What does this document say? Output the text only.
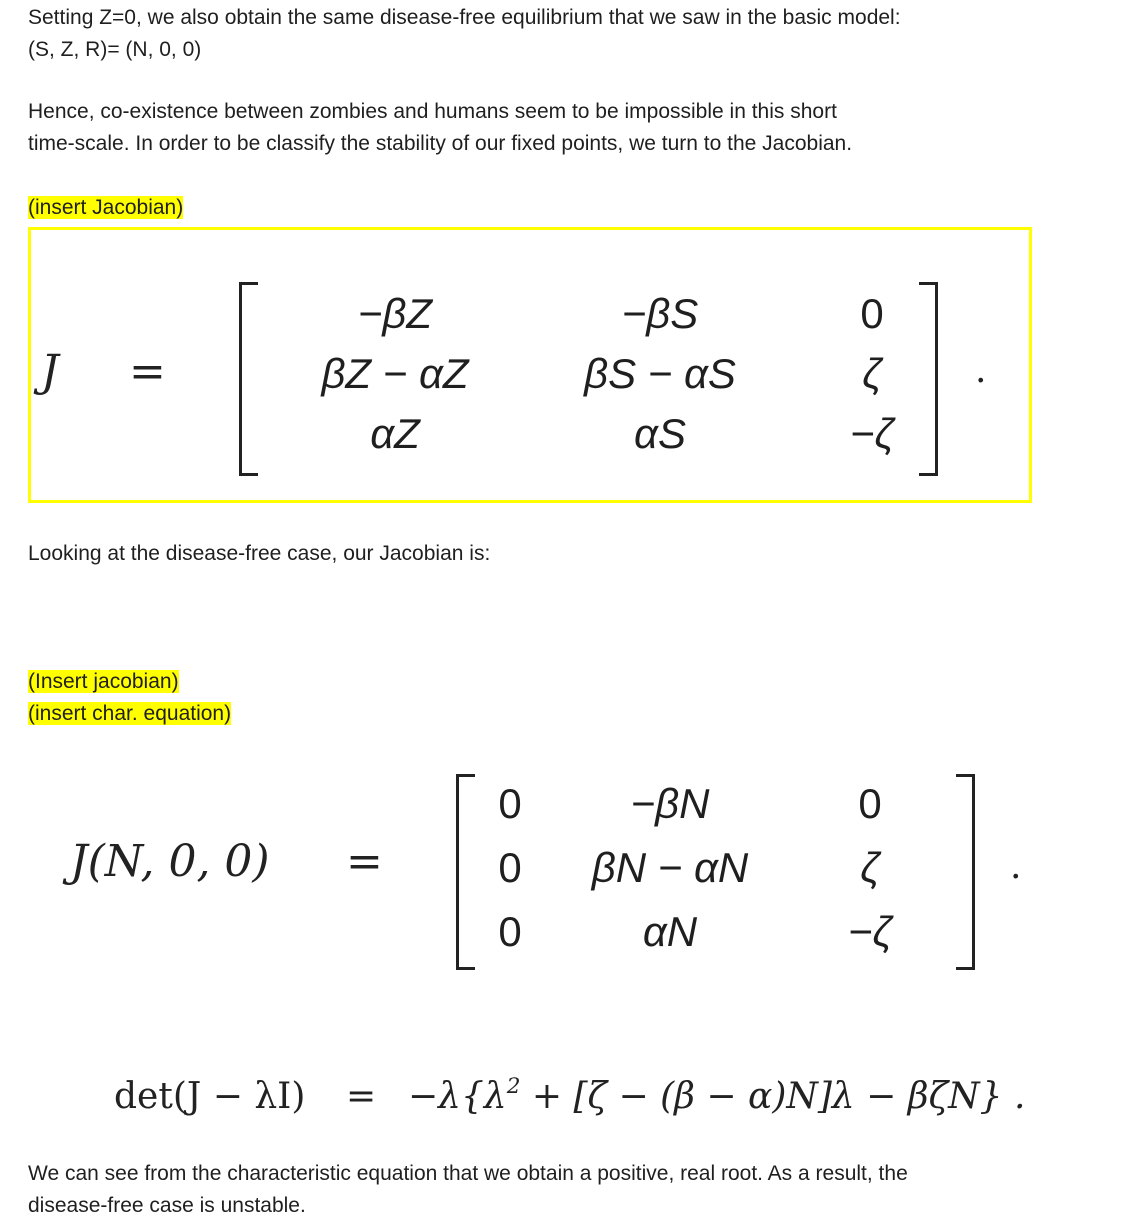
Setting Z=0, we also obtain the same disease-free equilibrium that we saw in the basic model:
(S, Z, R)= (N, 0, 0)

Hence, co-existence between zombies and humans seem to be impossible in this short
time-scale. In order to be classify the stability of our fixed points, we turn to the Jacobian.

(insert Jacobian)
J =
−βZ	−βS	0
βZ − αZ	βS − αS	ζ
αZ	αS	−ζ
.

Looking at the disease-free case, our Jacobian is:

(Insert jacobian)
(insert char. equation)
J(N, 0, 0) =
0	−βN	0
0	βN − αN	ζ
0	αN	−ζ
.
$\det(J - \lambda I) = -\lambda\{\lambda^2 + [\zeta - (\beta - \alpha)N]\lambda - \beta\zeta N\}$ .

We can see from the characteristic equation that we obtain a positive, real root. As a result, the
disease-free case is unstable.
